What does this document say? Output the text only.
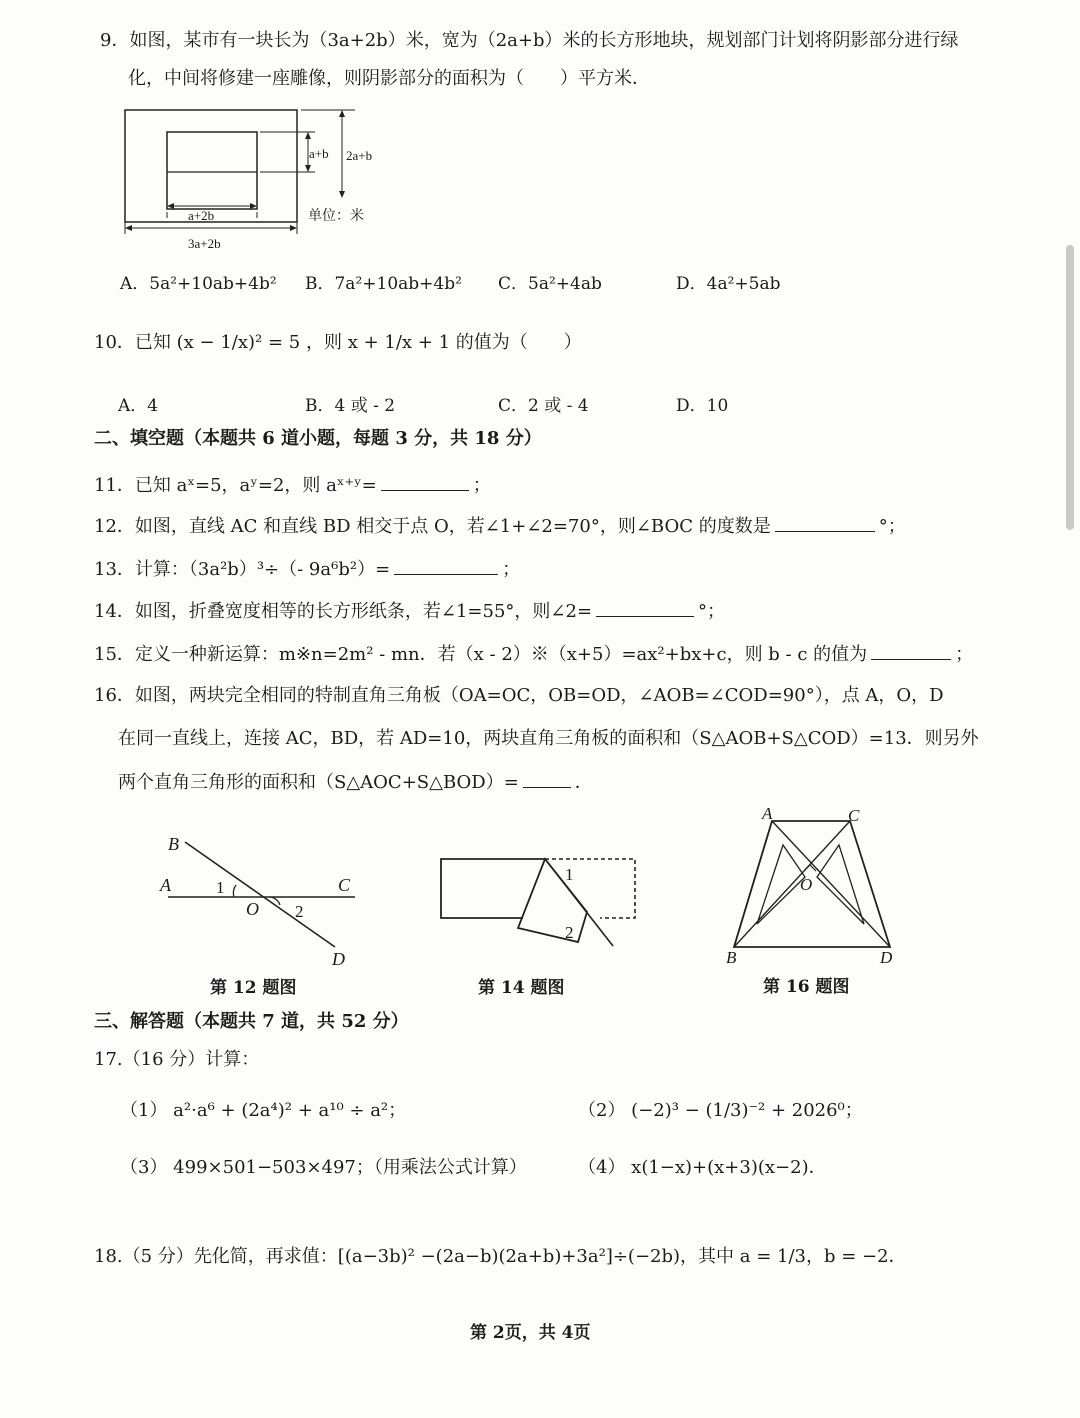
9．如图，某市有一块长为（3a+2b）米，宽为（2a+b）米的长方形地块，规划部门计划将阴影部分进行绿
化，中间将修建一座雕像，则阴影部分的面积为（　　）平方米．
a+b 2a+b
a+2b
3a+2b
单位：米
A．5a²+10ab+4b² B．7a²+10ab+4b² C．5a²+4ab	D．4a²+5ab
10．已知 (x − 1/x)² = 5 ，则 x + 1/x + 1 的值为（　　）
A．4	B．4 或 - 2	C．2 或 - 4	D．10
二、填空题（本题共 6 道小题，每题 3 分，共 18 分）
11．已知 aˣ=5，aʸ=2，则 aˣ⁺ʸ=	；
12．如图，直线 AC 和直线 BD 相交于点 O，若∠1+∠2=70°，则∠BOC 的度数是	°；
13．计算：（3a²b）³÷（- 9a⁶b²）=	；
14．如图，折叠宽度相等的长方形纸条，若∠1=55°，则∠2=	°；
15．定义一种新运算：m※n=2m² - mn．若（x - 2）※（x+5）=ax²+bx+c，则 b - c 的值为	；
16．如图，两块完全相同的特制直角三角板（OA=OC，OB=OD，∠AOB=∠COD=90°），点 A，O，D
在同一直线上，连接 AC，BD，若 AD=10，两块直角三角板的面积和（S△AOB+S△COD）=13．则另外
两个直角三角形的面积和（S△AOC+S△BOD）=	．
B
A	1	C
O 2
D
第 12 题图
1
2
第 14 题图
A	C
O
B	D
第 16 题图
三、解答题（本题共 7 道，共 52 分）
17.（16 分）计算：
（1） a²·a⁶ + (2a⁴)² + a¹⁰ ÷ a²；	（2） (−2)³ − (1/3)⁻² + 2026⁰；
（3） 499×501−503×497；（用乘法公式计算）	（4） x(1−x)+(x+3)(x−2)．
18.（5 分）先化简，再求值：[(a−3b)² −(2a−b)(2a+b)+3a²]÷(−2b)，其中 a = 1/3，b = −2．
第 2页，共 4页
